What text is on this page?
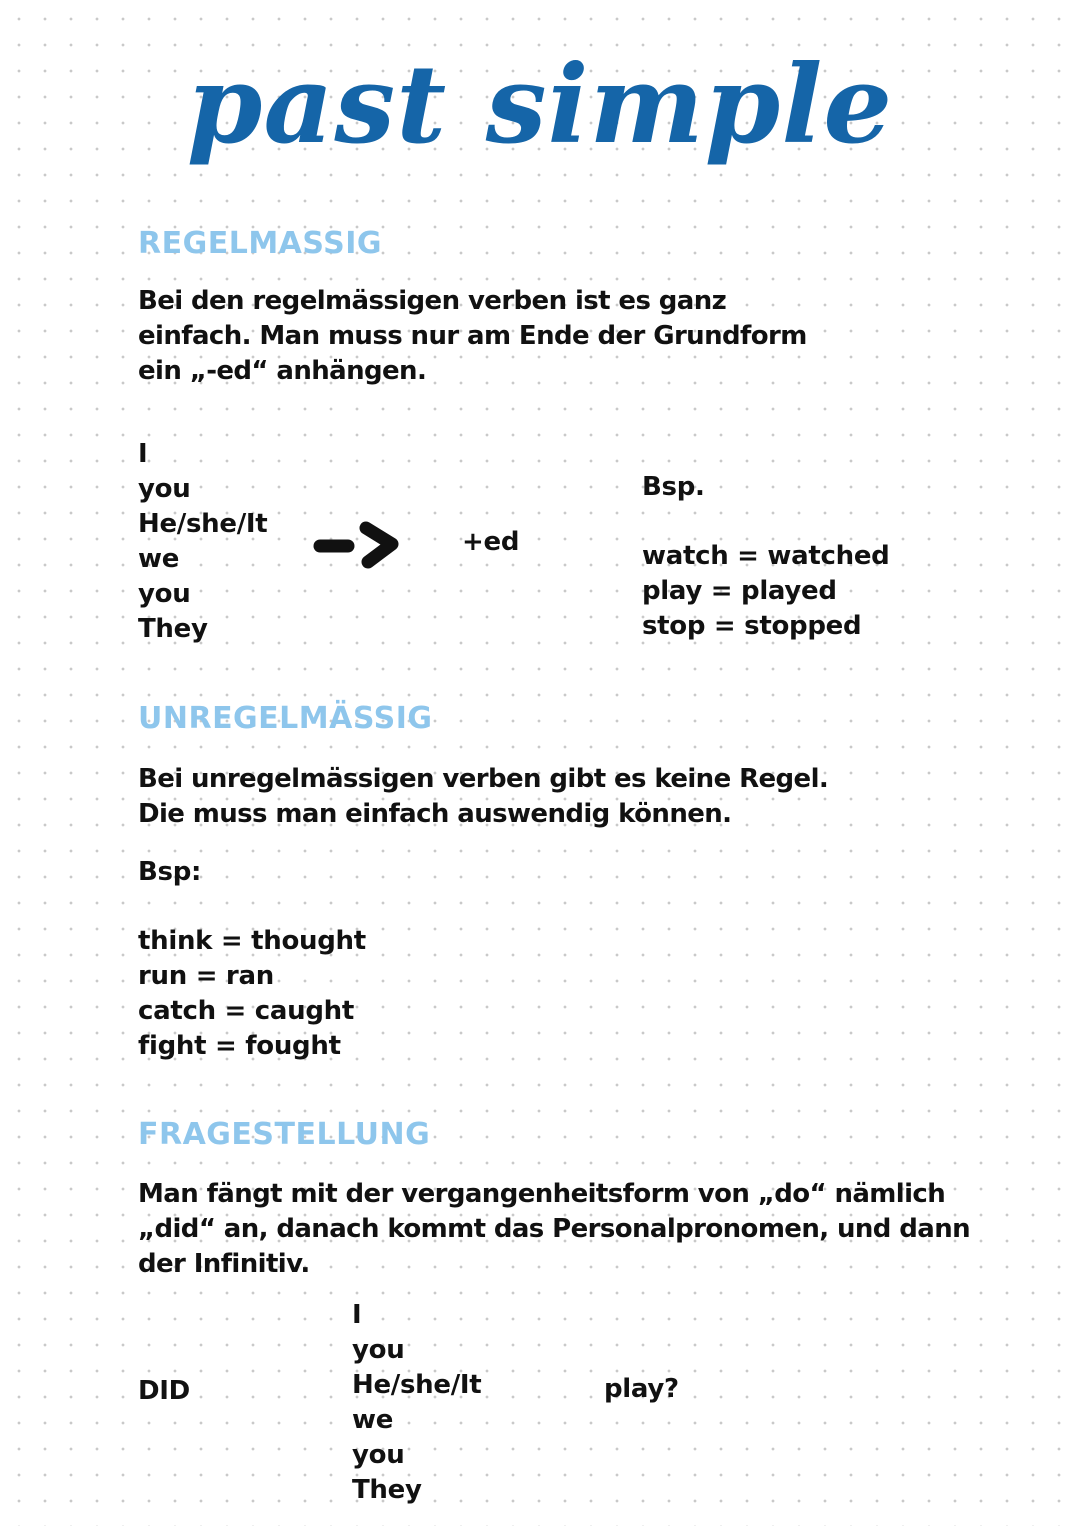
past simple
REGELMASSIG

Bei den regelmässigen verben ist es ganz

einfach. Man muss nur am Ende der Grundform

ein „-ed“ anhängen.

I
you
He/she/It
we
you
They
+ed
Bsp.
watch = watched
play = played
stop = stopped
UNREGELMÄSSIG

Bei unregelmässigen verben gibt es keine Regel.

Die muss man einfach auswendig können.

Bsp:
think = thought
run = ran
catch = caught
fight = fought
FRAGESTELLUNG

Man fängt mit der vergangenheitsform von „do“ nämlich

„did“ an, danach kommt das Personalpronomen, und dann

der Infinitiv.

DID
I
you
He/she/It
we
you
They
play?
